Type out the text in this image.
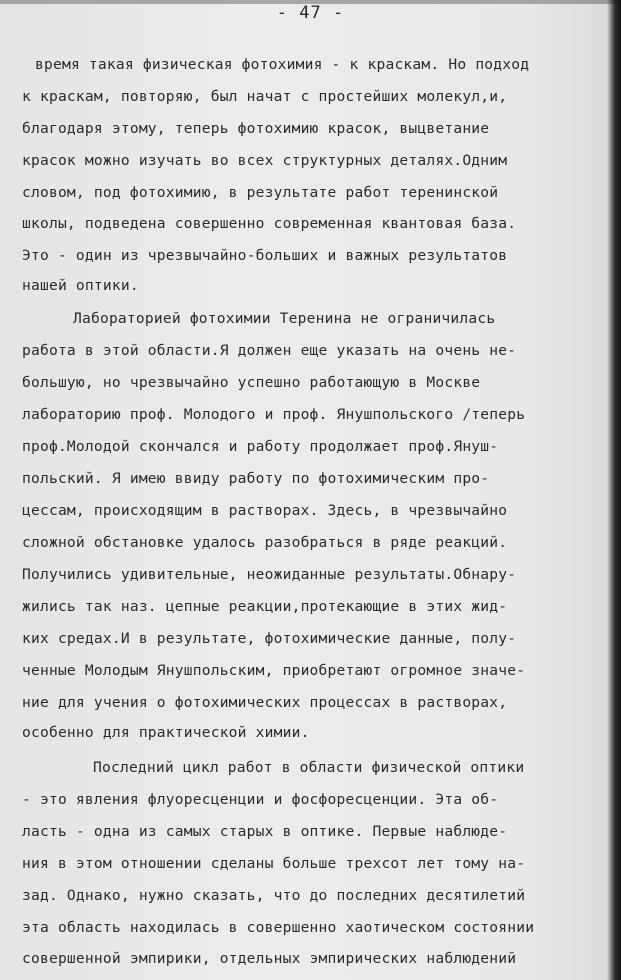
- 47 -
время такая физическая фотохимия - к краскам. Но подход
к краскам, повторяю, был начат с простейших молекул,и,
благодаря этому, теперь фотохимию красок, выцветание
красок можно изучать во всех структурных деталях.Одним
словом, под фотохимию, в результате работ теренинской
школы, подведена совершенно современная квантовая база.
Это - один из чрезвычайно-больших и важных результатов
нашей оптики.
Лабораторией фотохимии Теренина не ограничилась
работа в этой области.Я должен еще указать на очень не-
большую, но чрезвычайно успешно работающую в Москве
лабораторию проф. Молодого и проф. Янушпольского /теперь
проф.Молодой скончался и работу продолжает проф.Януш-
польский. Я имею ввиду работу по фотохимическим про-
цессам, происходящим в растворах. Здесь, в чрезвычайно
сложной обстановке удалось разобраться в ряде реакций.
Получились удивительные, неожиданные результаты.Обнару-
жились так наз. цепные реакции,протекающие в этих жид-
ких средах.И в результате, фотохимические данные, полу-
ченные Молодым Янушпольским, приобретают огромное значе-
ние для учения о фотохимических процессах в растворах,
особенно для практической химии.
Последний цикл работ в области физической оптики
- это явления флуоресценции и фосфоресценции. Эта об-
ласть - одна из самых старых в оптике. Первые наблюде-
ния в этом отношении сделаны больше трехсот лет тому на-
зад. Однако, нужно сказать, что до последних десятилетий
эта область находилась в совершенно хаотическом состоянии
совершенной эмпирики, отдельных эмпирических наблюдений
